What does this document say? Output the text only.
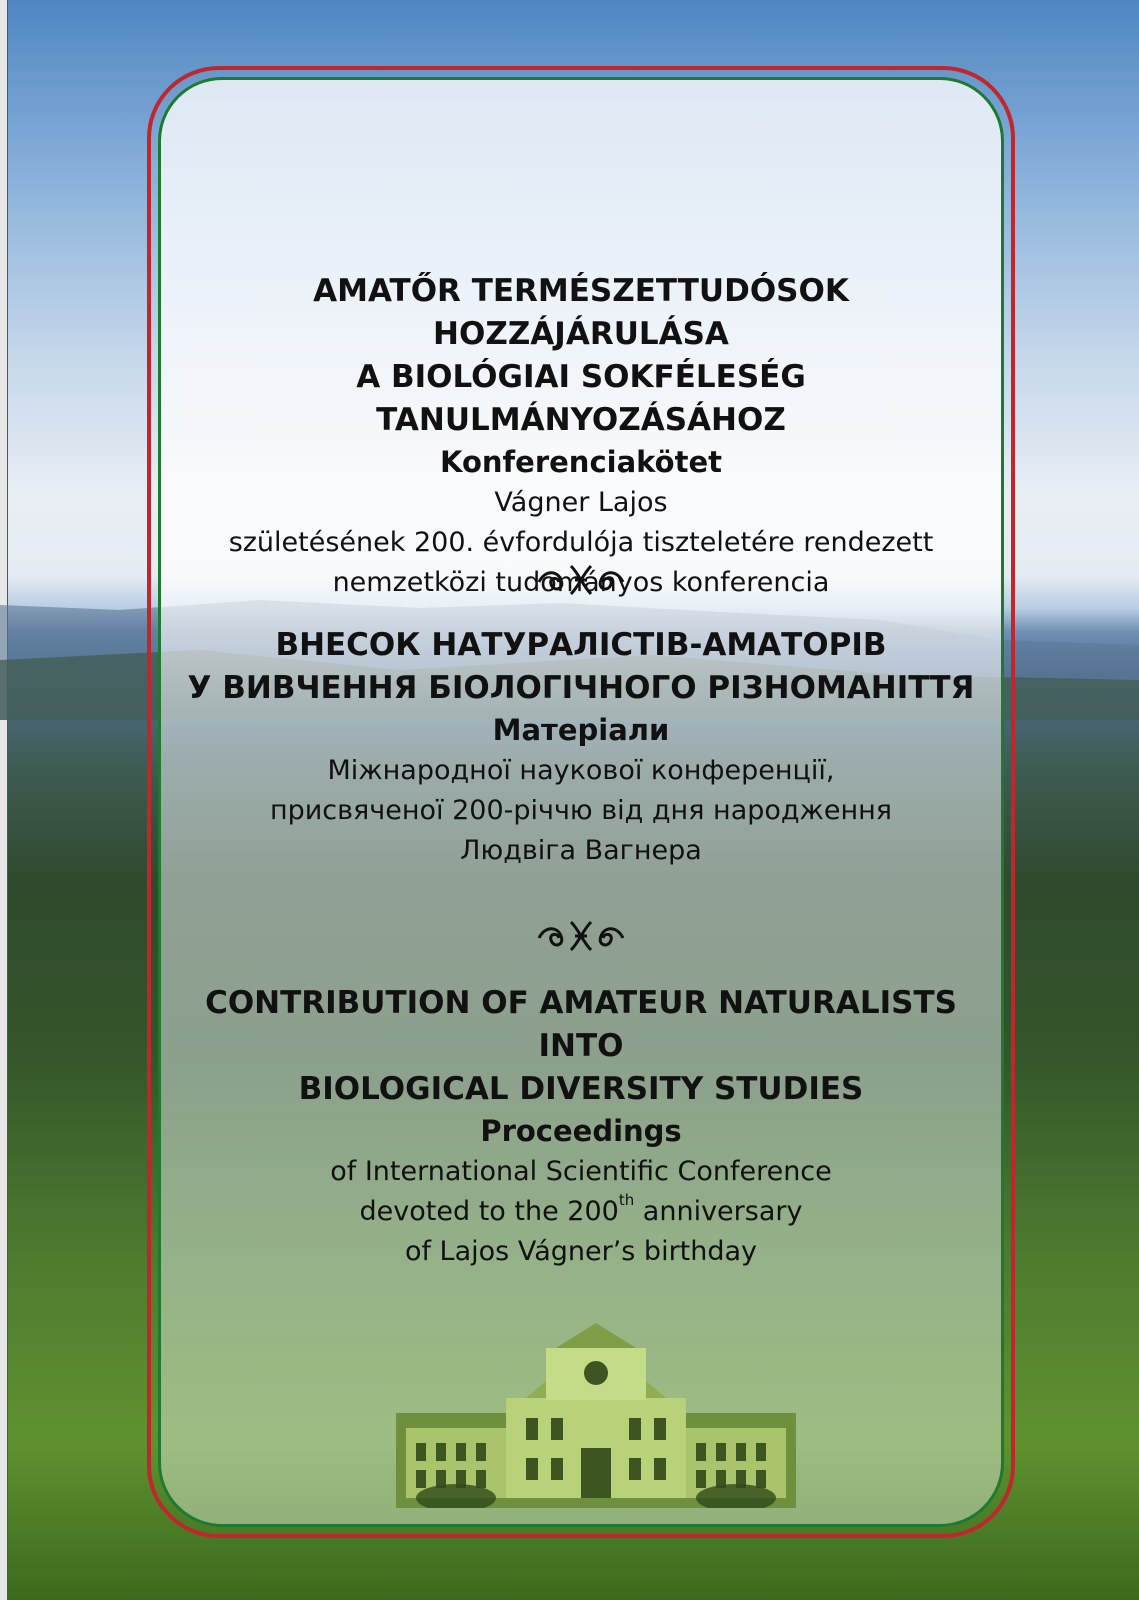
AMATŐR TERMÉSZETTUDÓSOK HOZZÁJÁRULÁSA
A BIOLÓGIAI SOKFÉLESÉG TANULMÁNYOZÁSÁHOZ
Konferenciakötet
Vágner Lajos
születésének 200. évfordulója tiszteletére rendezett
nemzetközi tudományos konferencia
ВНЕСОК НАТУРАЛІСТІВ-АМАТОРІВ
У ВИВЧЕННЯ БІОЛОГІЧНОГО РІЗНОМАНІТТЯ
Матеріали
Міжнародної наукової конференції,
присвяченої 200-річчю від дня народження
Людвіга Вагнера
CONTRIBUTION OF AMATEUR NATURALISTS INTO
BIOLOGICAL DIVERSITY STUDIES
Proceedings
of International Scientific Conference
devoted to the 200th anniversary
of Lajos Vágner’s birthday
